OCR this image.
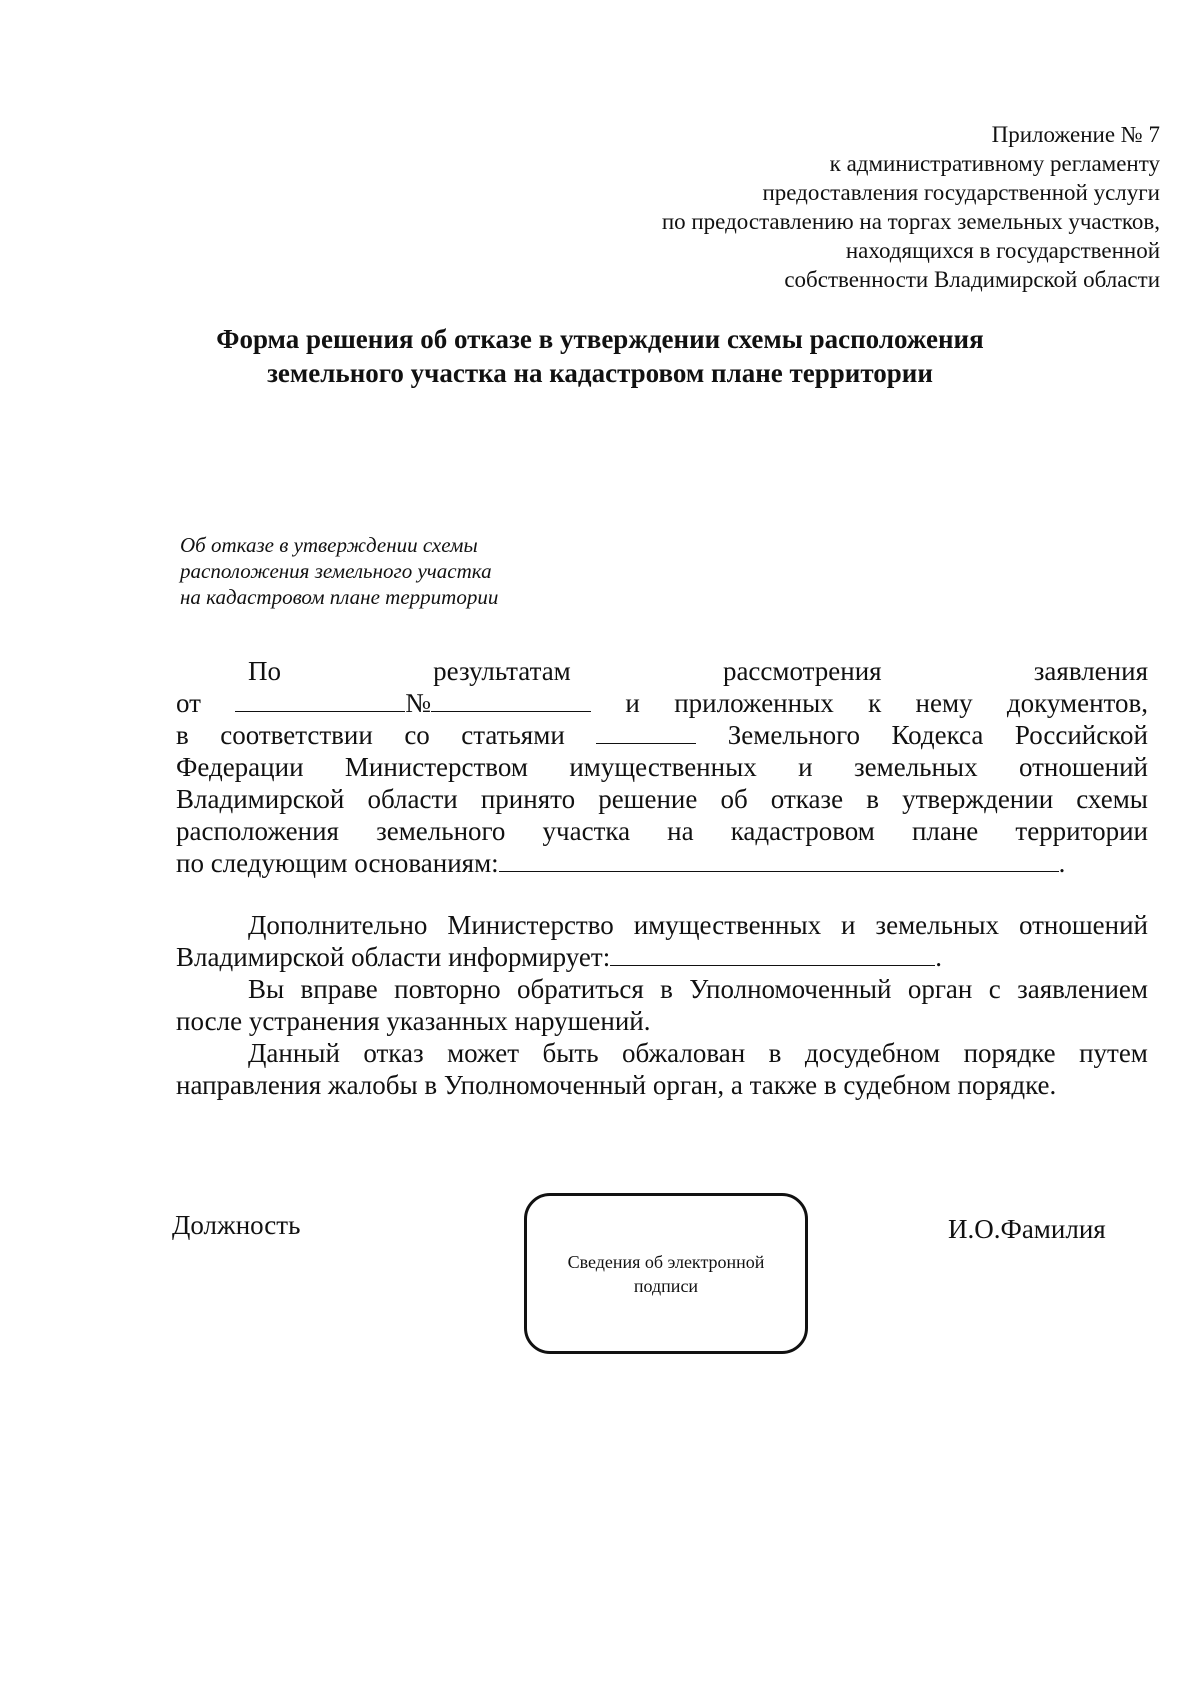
Приложение № 7
к административному регламенту
предоставления государственной услуги
по предоставлению на торгах земельных участков,
находящихся в государственной
собственности Владимирской области
Форма решения об отказе в утверждении схемы расположения
земельного участка на кадастровом плане территории
Об отказе в утверждении схемы
расположения земельного участка
на кадастровом плане территории
По	результатам	рассмотрения	заявления
от	№	и приложенных к нему документов,
в соответствии со статьями	Земельного Кодекса Российской
Федерации Министерством имущественных и земельных отношений
Владимирской области принято решение об отказе в утверждении схемы
расположения земельного участка на кадастровом плане территории
по следующим основаниям:	.
Дополнительно Министерство имущественных и земельных отношений
Владимирской области информирует:	.
Вы вправе повторно обратиться в Уполномоченный орган с заявлением
после устранения указанных нарушений.
Данный отказ может быть обжалован в досудебном порядке путем
направления жалобы в Уполномоченный орган, а также в судебном порядке.
Должность
Сведения об электронной подписи
И.О.Фамилия
